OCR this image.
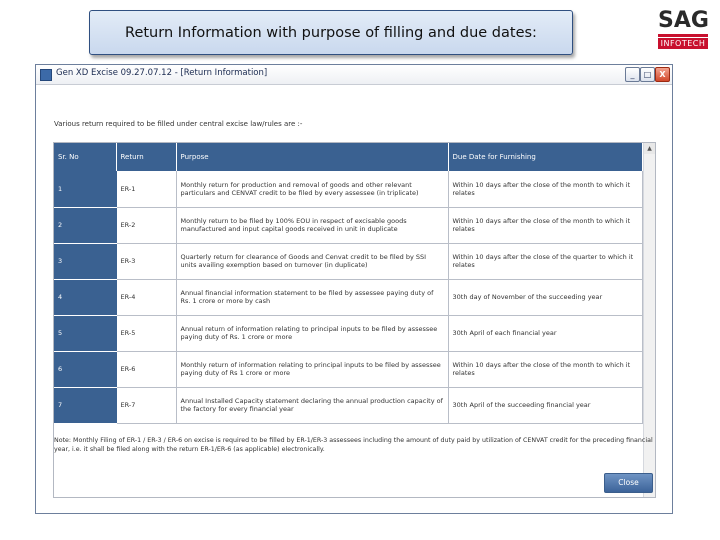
Return Information with purpose of filling and due dates:	SAG
INFOTECH
Gen XD Excise 09.27.07.12 - [Return Information]	_	□	X
Various return required to be filled under central excise law/rules are :-
Sr. No	Return	Purpose	Due Date for Furnishing
1	ER-1	Monthly return for production and removal of goods and other relevant particulars and CENVAT credit to be filed by every assessee (in triplicate)	Within 10 days after the close of the month to which it relates
2	ER-2	Monthly return to be filed by 100% EOU in respect of excisable goods manufactured and input capital goods received in unit in duplicate	Within 10 days after the close of the month to which it relates
3	ER-3	Quarterly return for clearance of Goods and Cenvat credit to be filed by SSI units availing exemption based on turnover (in duplicate)	Within 10 days after the close of the quarter to which it relates
4	ER-4	Annual financial information statement to be filed by assessee paying duty of Rs. 1 crore or more by cash	30th day of November of the succeeding year
5	ER-5	Annual return of information relating to principal inputs to be filed by assessee paying duty of Rs. 1 crore or more	30th April of each financial year
6	ER-6	Monthly return of information relating to principal inputs to be filed by assessee paying duty of Rs 1 crore or more	Within 10 days after the close of the month to which it relates
7	ER-7	Annual Installed Capacity statement declaring the annual production capacity of the factory for every financial year	30th April of the succeeding financial year
▲
Note: Monthly Filing of ER-1 / ER-3 / ER-6 on excise is required to be filled by ER-1/ER-3 assessees including the amount of duty paid by utilization of CENVAT credit for the preceding financial year, i.e. it shall be filed along with the return ER-1/ER-6 (as applicable) electronically.
Close
